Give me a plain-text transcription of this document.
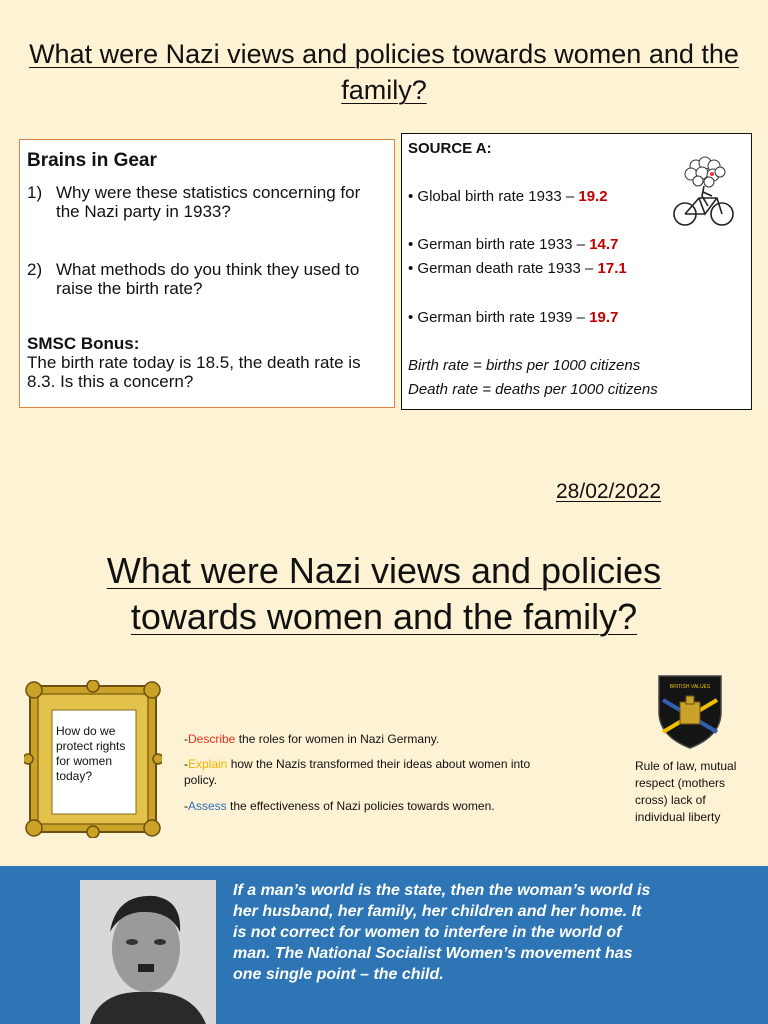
What were Nazi views and policies towards women and the family?
Brains in Gear
1) Why were these statistics concerning for the Nazi party in 1933?
2) What methods do you think they used to raise the birth rate?
SMSC Bonus:
The birth rate today is 18.5, the death rate is 8.3. Is this a concern?
SOURCE A:
• Global birth rate 1933 – 19.2
• German birth rate 1933 – 14.7
• German death rate 1933 – 17.1
• German birth rate 1939 – 19.7
Birth rate = births per 1000 citizens
Death rate = deaths per 1000 citizens
28/02/2022
What were Nazi views and policies towards women and the family?
How do we protect rights for women today?
-Describe the roles for women in Nazi Germany.
-Explain how the Nazis transformed their ideas about women into policy.
-Assess the effectiveness of Nazi policies towards women.
BRITISH VALUES
Rule of law, mutual respect (mothers cross) lack of individual liberty
If a man’s world is the state, then the woman’s world is her husband, her family, her children and her home. It is not correct for women to interfere in the world of man. The National Socialist Women’s movement has one single point – the child.
